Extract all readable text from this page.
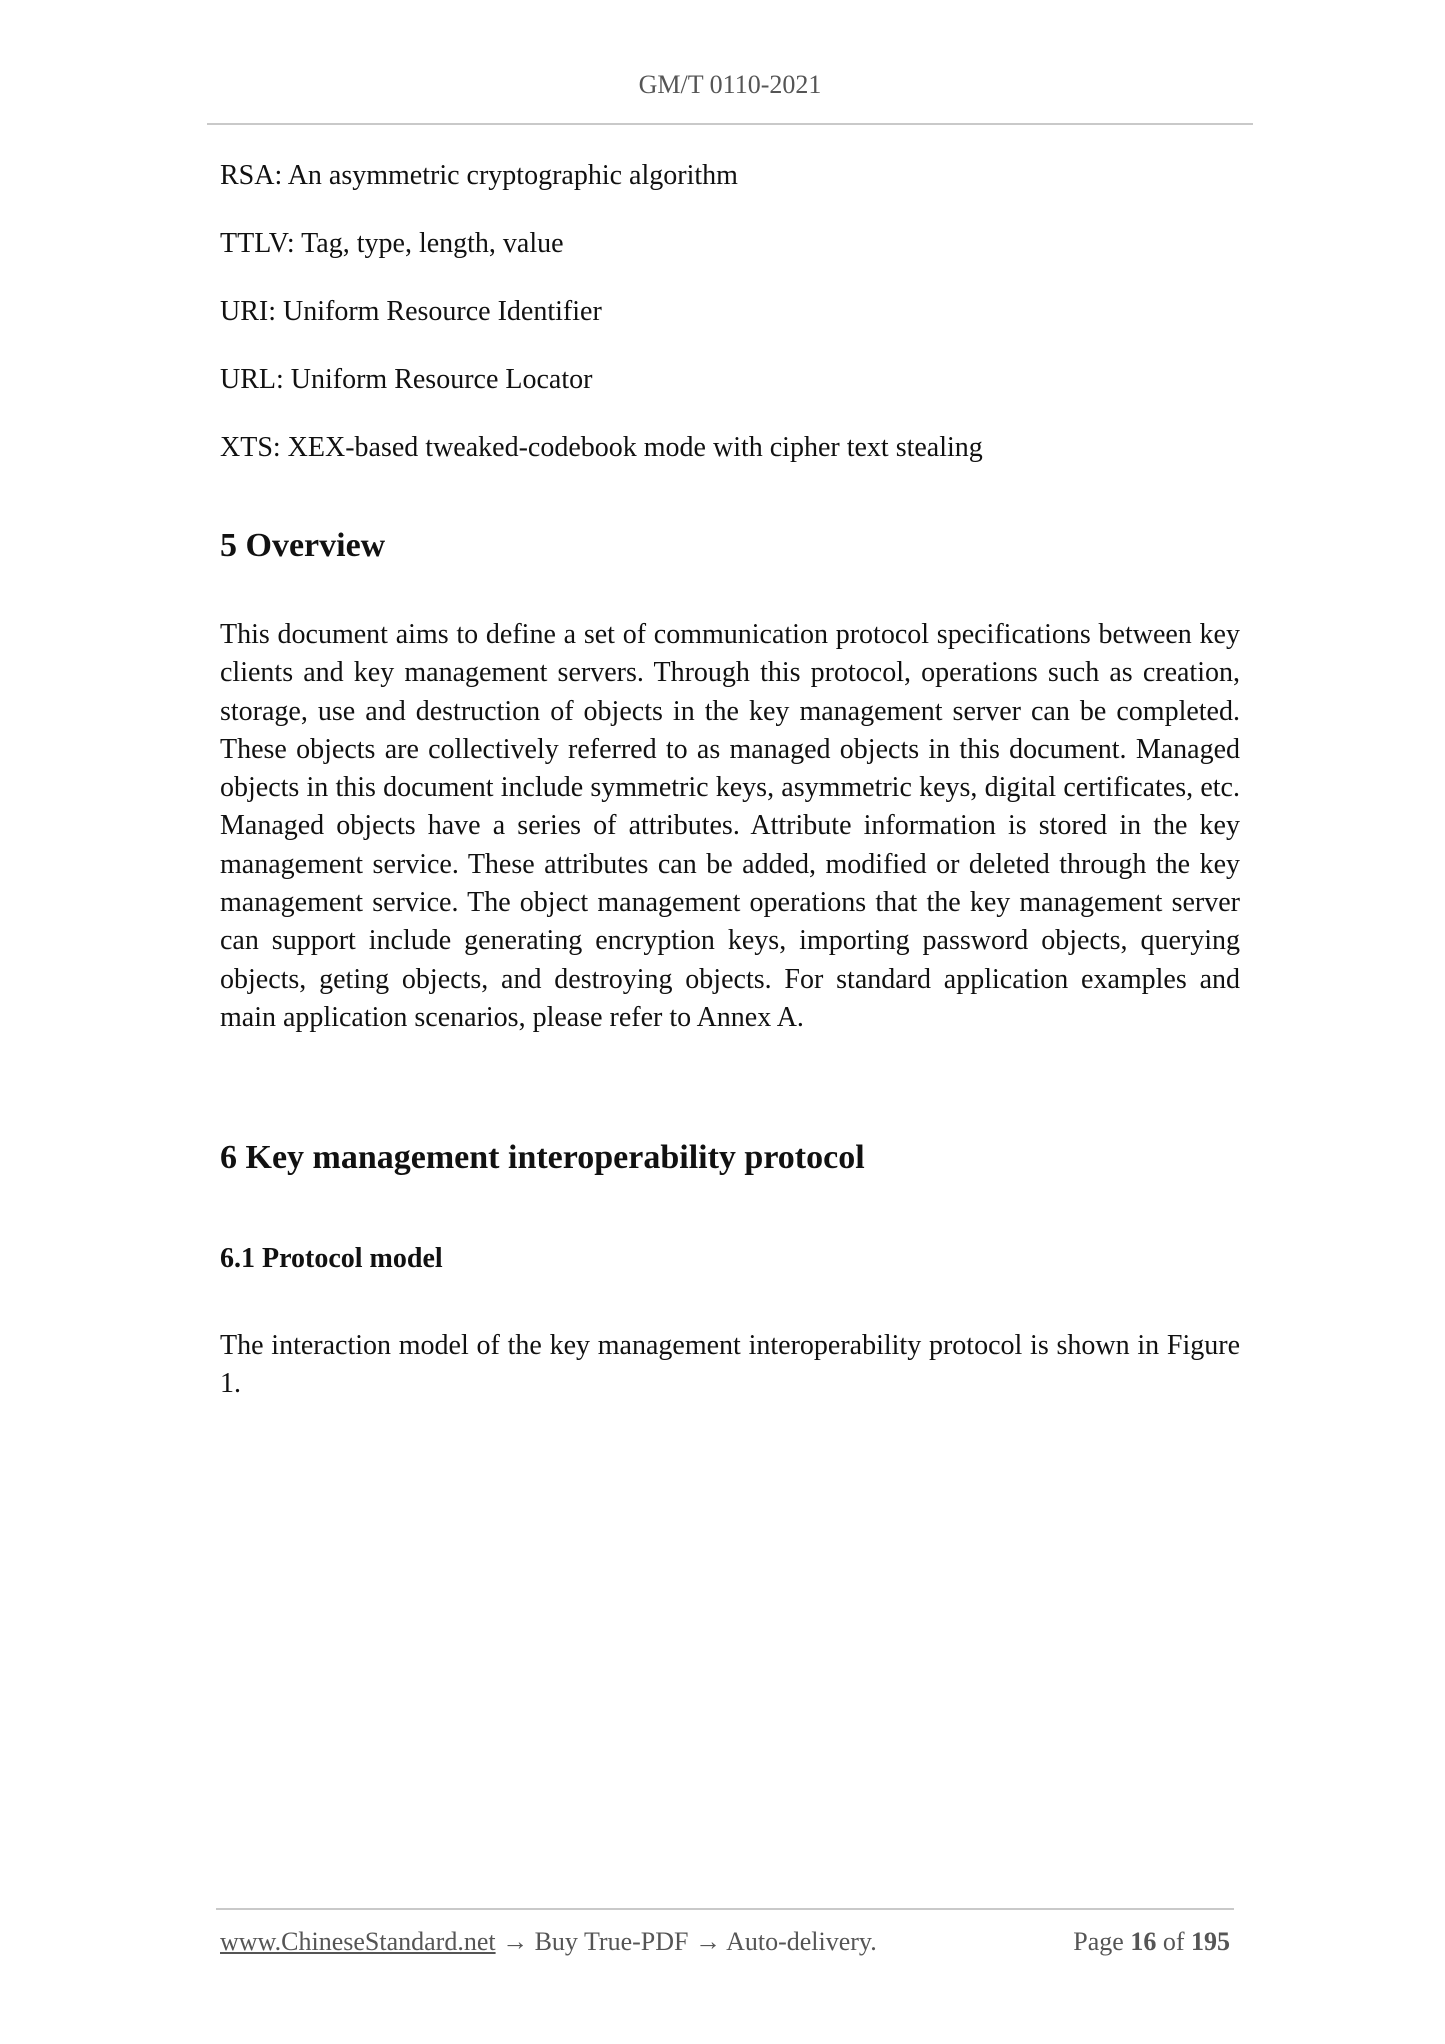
GM/T 0110-2021
RSA: An asymmetric cryptographic algorithm
TTLV: Tag, type, length, value
URI: Uniform Resource Identifier
URL: Uniform Resource Locator
XTS: XEX-based tweaked-codebook mode with cipher text stealing
5 Overview

This document aims to define a set of communication protocol specifications between key clients and key management servers. Through this protocol, operations such as creation, storage, use and destruction of objects in the key management server can be completed. These objects are collectively referred to as managed objects in this document. Managed objects in this document include symmetric keys, asymmetric keys, digital certificates, etc. Managed objects have a series of attributes. Attribute information is stored in the key management service. These attributes can be added, modified or deleted through the key management service. The object management operations that the key management server can support include generating encryption keys, importing password objects, querying objects, geting objects, and destroying objects. For standard application examples and main application scenarios, please refer to Annex A.

6 Key management interoperability protocol
6.1 Protocol model

The interaction model of the key management interoperability protocol is shown in Figure 1.

www.ChineseStandard.net → Buy True-PDF → Auto-delivery.	Page 16 of 195
